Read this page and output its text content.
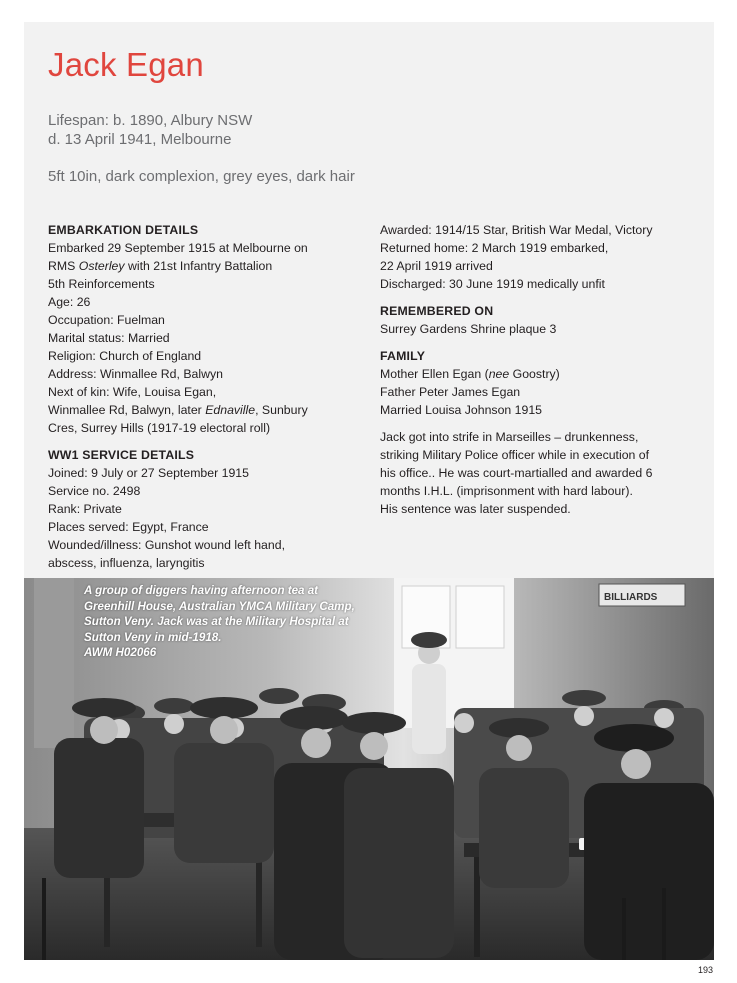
Jack Egan
Lifespan: b. 1890, Albury NSW
d. 13 April 1941, Melbourne
5ft 10in, dark complexion, grey eyes, dark hair
EMBARKATION DETAILS
Embarked 29 September 1915 at Melbourne on
RMS Osterley with 21st Infantry Battalion
5th Reinforcements
Age: 26
Occupation: Fuelman
Marital status: Married
Religion: Church of England
Address: Winmallee Rd, Balwyn
Next of kin: Wife, Louisa Egan,
Winmallee Rd, Balwyn, later Ednaville, Sunbury
Cres, Surrey Hills (1917-19 electoral roll)
WW1 SERVICE DETAILS
Joined: 9 July or 27 September 1915
Service no. 2498
Rank: Private
Places served: Egypt, France
Wounded/illness: Gunshot wound left hand,
abscess, influenza, laryngitis
Awarded: 1914/15 Star, British War Medal, Victory
Returned home: 2 March 1919 embarked,
22 April 1919 arrived
Discharged: 30 June 1919 medically unfit
REMEMBERED ON
Surrey Gardens Shrine plaque 3
FAMILY
Mother Ellen Egan (nee Goostry)
Father Peter James Egan
Married Louisa Johnson 1915
Jack got into strife in Marseilles – drunkenness,
striking Military Police officer while in execution of
his office.. He was court-martialled and awarded 6
months I.H.L. (imprisonment with hard labour).
His sentence was later suspended.
BILLIARDS
A group of diggers having afternoon tea at
Greenhill House, Australian YMCA Military Camp,
Sutton Veny. Jack was at the Military Hospital at
Sutton Veny in mid-1918.
AWM H02066
193
